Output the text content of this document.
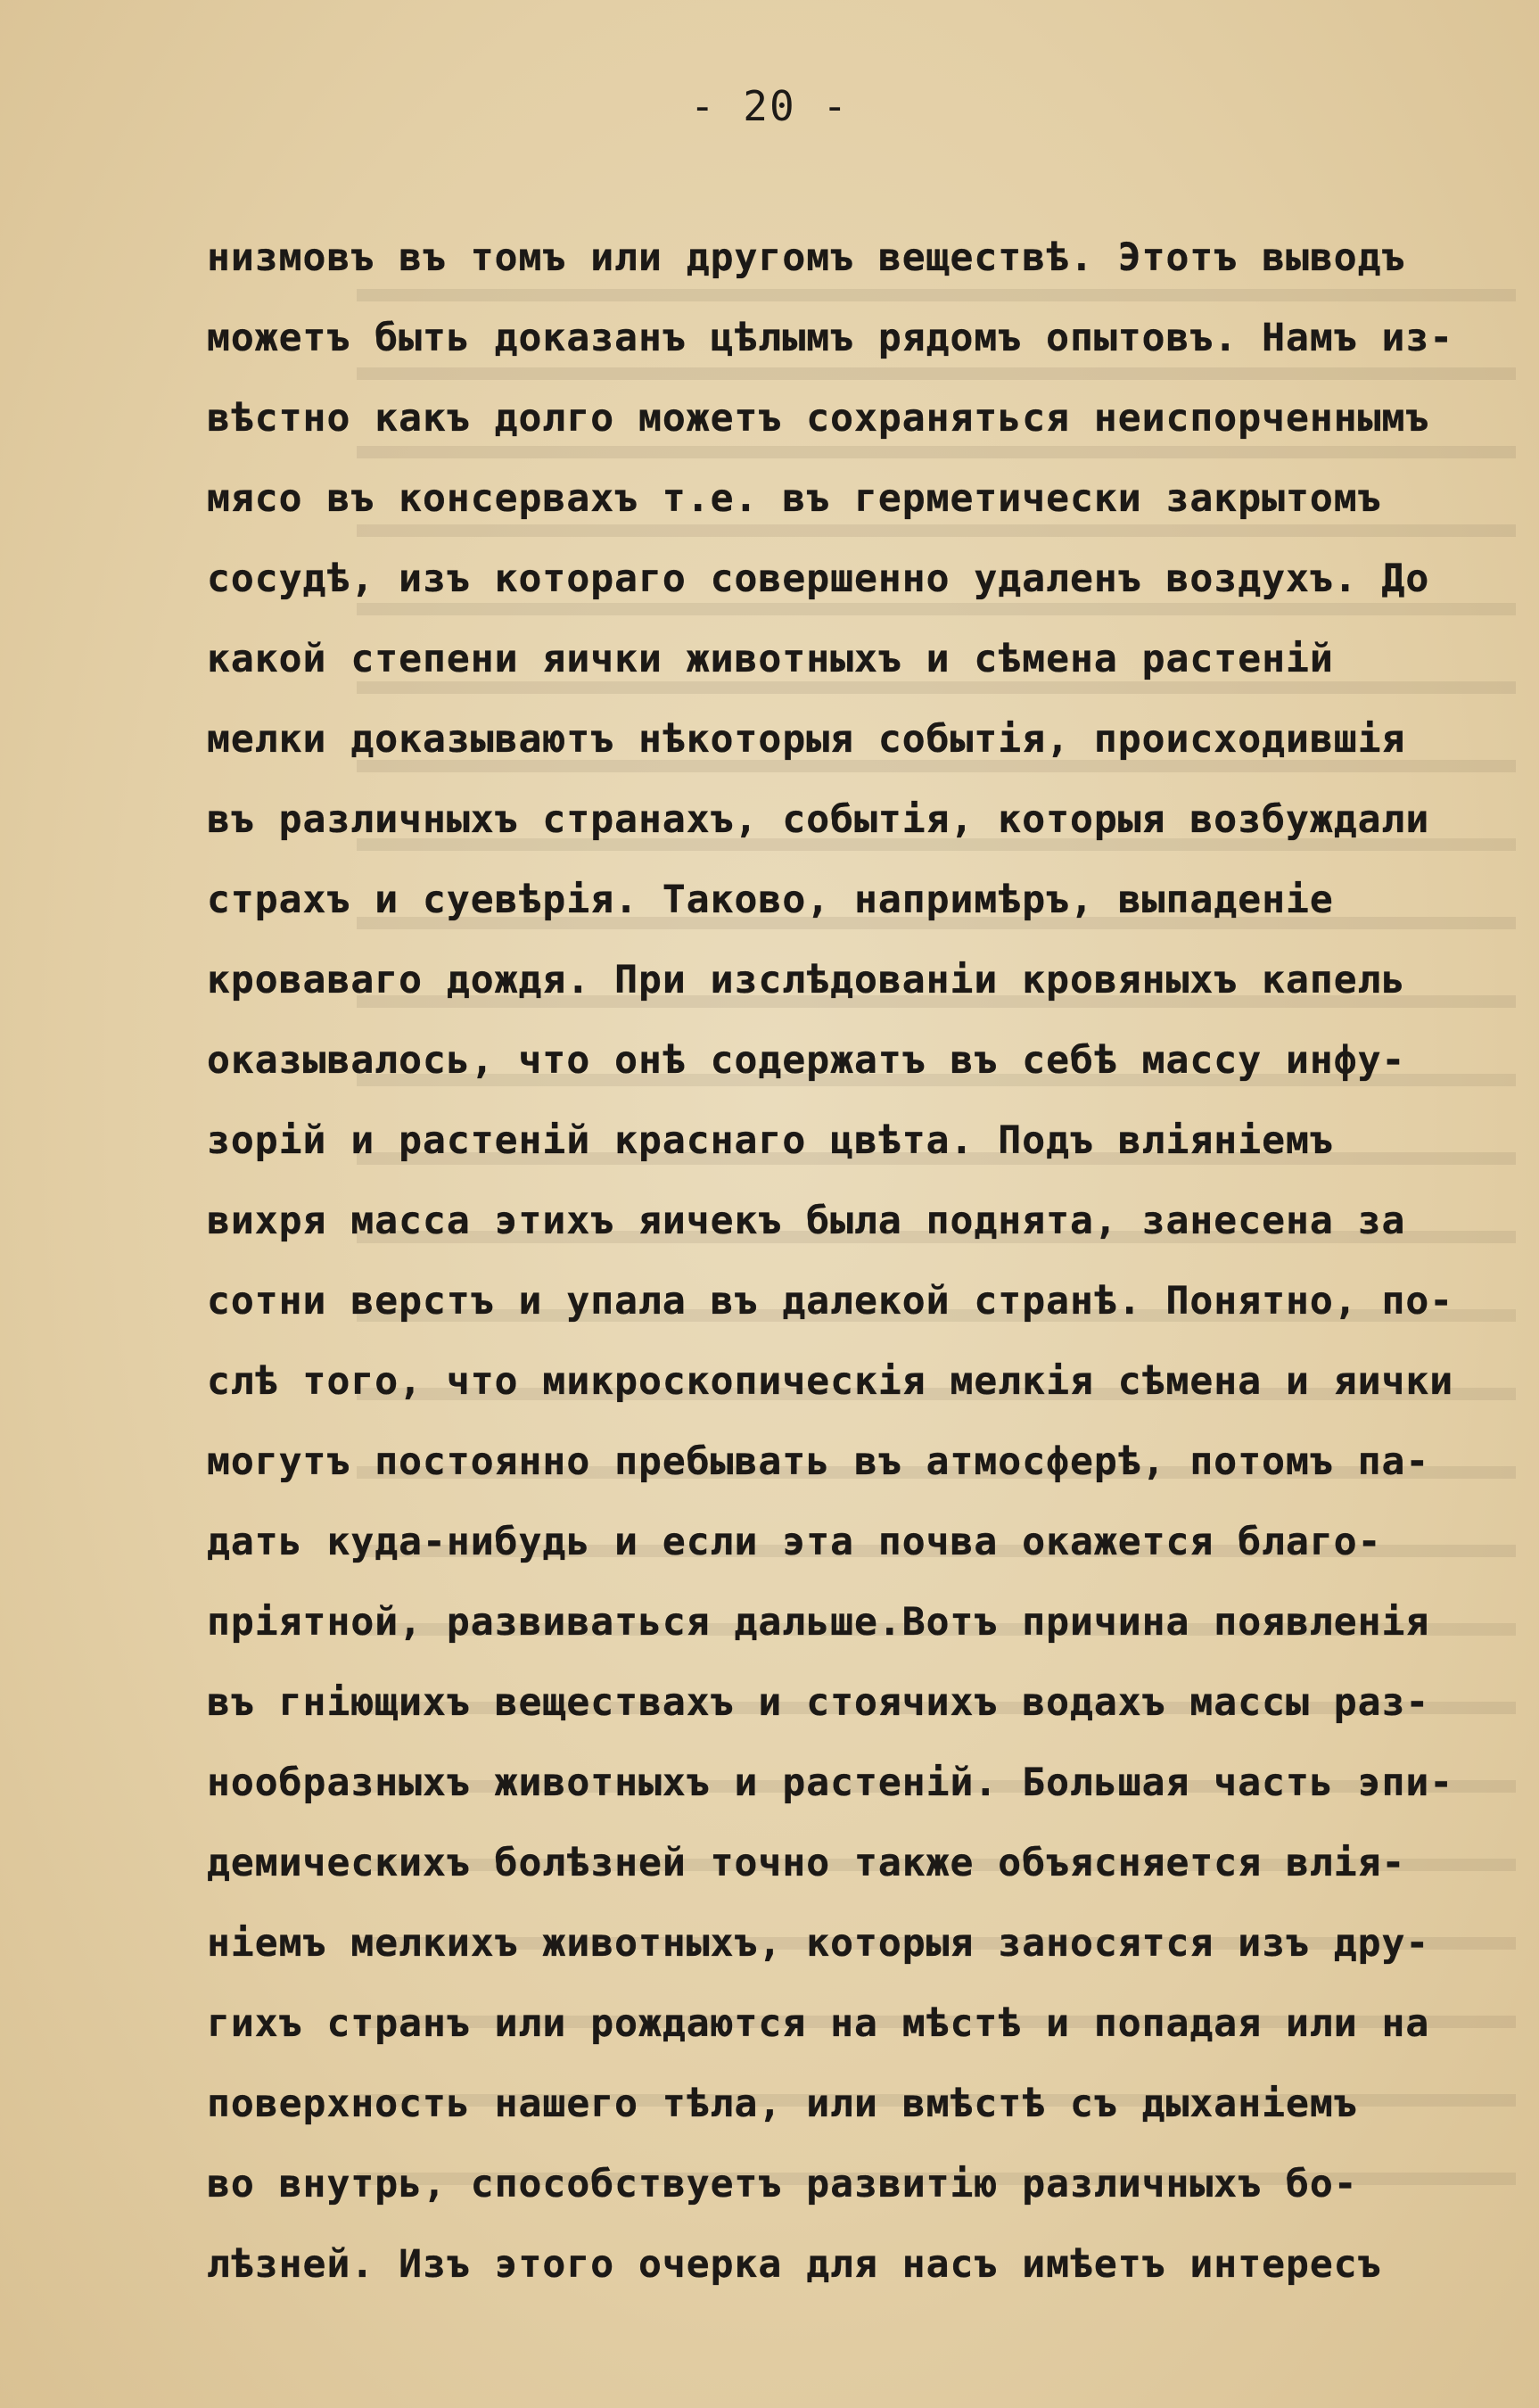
- 20 -
низмовъ въ томъ или другомъ веществѣ. Этотъ выводъ
можетъ быть доказанъ цѣлымъ рядомъ опытовъ. Намъ из-
вѣстно какъ долго можетъ сохраняться неиспорченнымъ
мясо въ консервахъ т.е. въ герметически закрытомъ
сосудѣ, изъ котораго совершенно удаленъ воздухъ. До
какой степени яички животныхъ и сѣмена растеній
мелки доказываютъ нѣкоторыя событія, происходившія
въ различныхъ странахъ, событія, которыя возбуждали
страхъ и суевѣрія. Таково, напримѣръ, выпаденіе
кроваваго дождя. При изслѣдованіи кровяныхъ капель
оказывалось, что онѣ содержатъ въ себѣ массу инфу-
зорій и растеній краснаго цвѣта. Подъ вліяніемъ
вихря масса этихъ яичекъ была поднята, занесена за
сотни верстъ и упала въ далекой странѣ. Понятно, по-
слѣ того, что микроскопическія мелкія сѣмена и яички
могутъ постоянно пребывать въ атмосферѣ, потомъ па-
дать куда-нибудь и если эта почва окажется благо-
пріятной, развиваться дальше.Вотъ причина появленія
въ гніющихъ веществахъ и стоячихъ водахъ массы раз-
нообразныхъ животныхъ и растеній. Большая часть эпи-
демическихъ болѣзней точно также объясняется влія-
ніемъ мелкихъ животныхъ, которыя заносятся изъ дру-
гихъ странъ или рождаются на мѣстѣ и попадая или на
поверхность нашего тѣла, или вмѣстѣ съ дыханіемъ
во внутрь, способствуетъ развитію различныхъ бо-
лѣзней. Изъ этого очерка для насъ имѣетъ интересъ
